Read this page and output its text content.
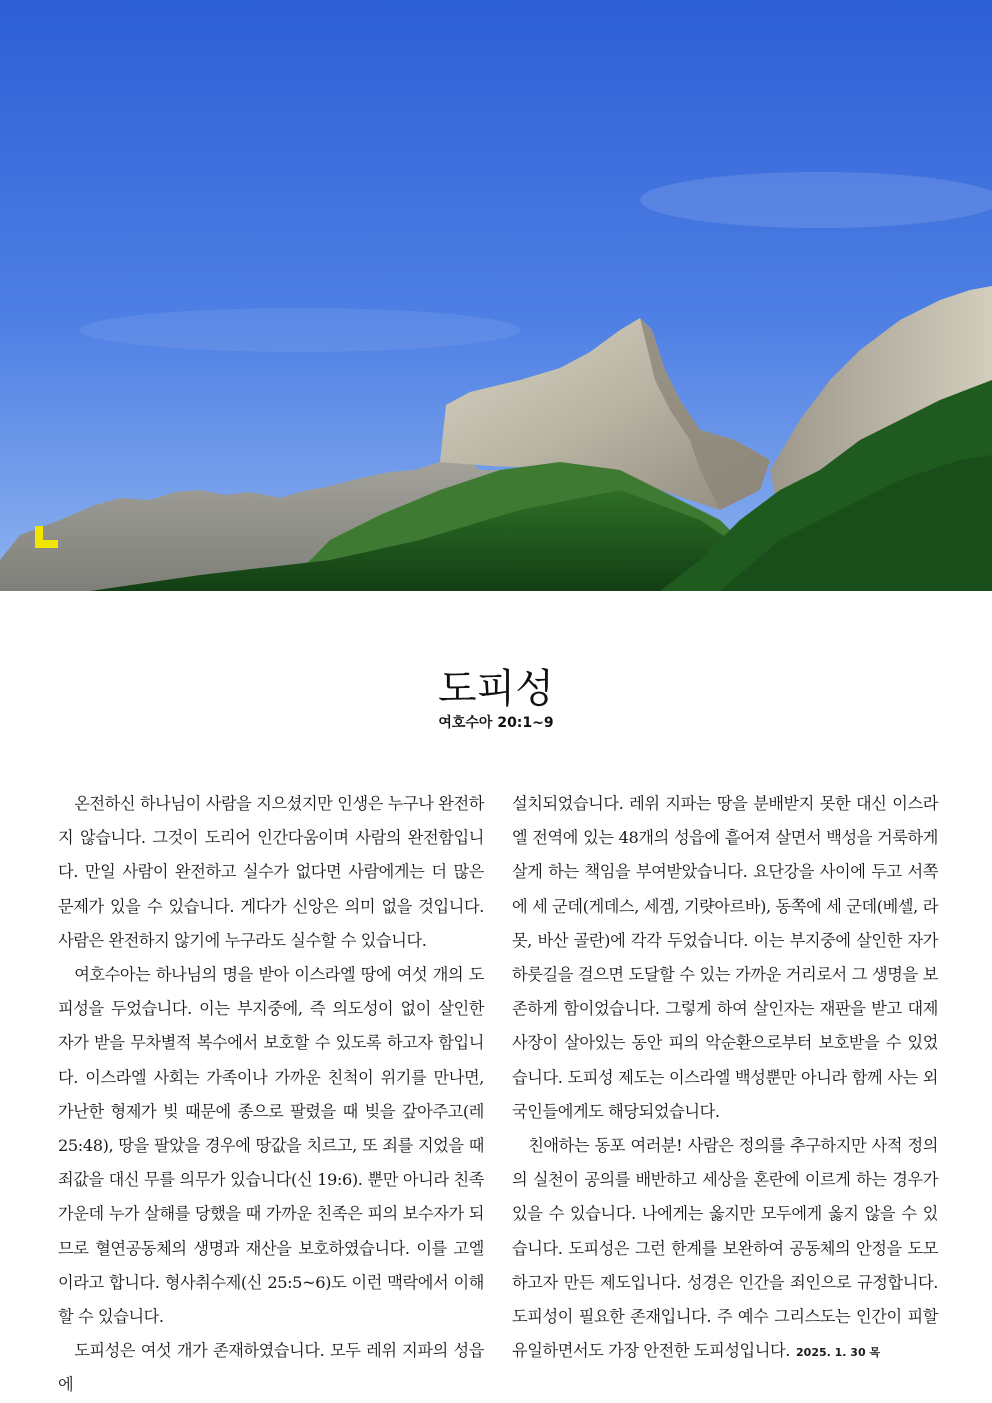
도피성
여호수아 20:1~9

온전하신 하나님이 사람을 지으셨지만 인생은 누구나 완전하지 않습니다. 그것이 도리어 인간다움이며 사람의 완전함입니다. 만일 사람이 완전하고 실수가 없다면 사람에게는 더 많은 문제가 있을 수 있습니다. 게다가 신앙은 의미 없을 것입니다. 사람은 완전하지 않기에 누구라도 실수할 수 있습니다.

여호수아는 하나님의 명을 받아 이스라엘 땅에 여섯 개의 도피성을 두었습니다. 이는 부지중에, 즉 의도성이 없이 살인한 자가 받을 무차별적 복수에서 보호할 수 있도록 하고자 함입니다. 이스라엘 사회는 가족이나 가까운 친척이 위기를 만나면, 가난한 형제가 빚 때문에 종으로 팔렸을 때 빚을 갚아주고(레 25:48), 땅을 팔았을 경우에 땅값을 치르고, 또 죄를 지었을 때 죄값을 대신 무를 의무가 있습니다(신 19:6). 뿐만 아니라 친족 가운데 누가 살해를 당했을 때 가까운 친족은 피의 보수자가 되므로 혈연공동체의 생명과 재산을 보호하였습니다. 이를 고엘이라고 합니다. 형사취수제(신 25:5~6)도 이런 맥락에서 이해할 수 있습니다.

도피성은 여섯 개가 존재하였습니다. 모두 레위 지파의 성읍에

설치되었습니다. 레위 지파는 땅을 분배받지 못한 대신 이스라엘 전역에 있는 48개의 성읍에 흩어져 살면서 백성을 거룩하게 살게 하는 책임을 부여받았습니다. 요단강을 사이에 두고 서쪽에 세 군데(게데스, 세겜, 기럇아르바), 동쪽에 세 군데(베셀, 라못, 바산 골란)에 각각 두었습니다. 이는 부지중에 살인한 자가 하룻길을 걸으면 도달할 수 있는 가까운 거리로서 그 생명을 보존하게 함이었습니다. 그렇게 하여 살인자는 재판을 받고 대제사장이 살아있는 동안 피의 악순환으로부터 보호받을 수 있었습니다. 도피성 제도는 이스라엘 백성뿐만 아니라 함께 사는 외국인들에게도 해당되었습니다.

친애하는 동포 여러분! 사람은 정의를 추구하지만 사적 정의의 실천이 공의를 배반하고 세상을 혼란에 이르게 하는 경우가 있을 수 있습니다. 나에게는 옳지만 모두에게 옳지 않을 수 있습니다. 도피성은 그런 한계를 보완하여 공동체의 안정을 도모하고자 만든 제도입니다. 성경은 인간을 죄인으로 규정합니다. 도피성이 필요한 존재입니다. 주 예수 그리스도는 인간이 피할 유일하면서도 가장 안전한 도피성입니다. 2025. 1. 30 목
